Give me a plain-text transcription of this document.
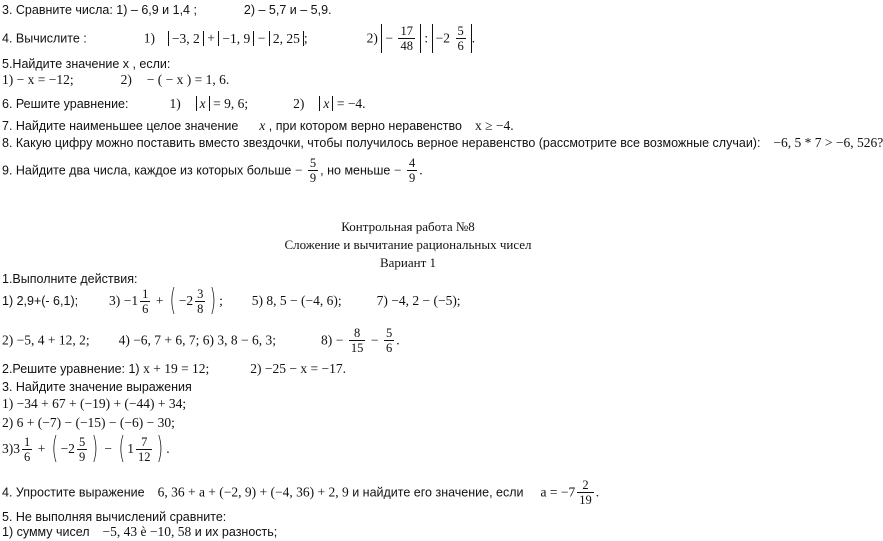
3. Сравните числа: 1) – 6,9 и 1,4 ;	2) – 5,7 и – 5,9.
4. Вычислите :	1) −3, 2 + −1, 9 − 2, 25 ;	$2) - \frac{17}{48}$ : $-2 \frac{5}{6}$ .
5.Найдите значение x , если:
1) − x = −12;	2) − ( − x ) = 1, 6.
6. Решите уравнение:	1) x = 9, 6;	2) x = −4.
7. Найдите наименьшее целое значение x , при котором верно неравенство x ≥ −4.
8. Какую цифру можно поставить вместо звездочки, чтобы получилось верное неравенство (рассмотрите все возможные случаи): −6, 5 * 7 > −6, 526?
9. Найдите два числа, каждое из которых больше − $\frac{5}{9}$ , но меньше − $\frac{4}{9}$ .
Контрольная работа №8
Сложение и вычитание рациональных чисел
Вариант 1
1.Выполните действия:
1) 2,9+(- 6,1); $3) -1 \frac{1}{6}$ + ( $-2 \frac{3}{8}$ ) ; 5) 8, 5 − (−4, 6);	7) −4, 2 − (−5);
2) −5, 4 + 12, 2; 4) −6, 7 + 6, 7; 6) 3, 8 − 6, 3;	$8) - \frac{8}{15} - \frac{5}{6}$ .
2.Решите уравнение: 1) x + 19 = 12;	2) −25 − x = −17.
3. Найдите значение выражения
1) −34 + 67 + (−19) + (−44) + 34;
2) 6 + (−7) − (−15) − (−6) − 30;
$3)3 \frac{1}{6}$ + ( $-2 \frac{5}{9}$ ) − ( $1 \frac{7}{12}$ ) .
4. Упростите выражение 6, 36 + a + (−2, 9) + (−4, 36) + 2, 9 и найдите его значение, если $a = -7 \frac{2}{19}$ .
5. Не выполняя вычислений сравните:
1) сумму чисел −5, 43 è −10, 58 и их разность;
